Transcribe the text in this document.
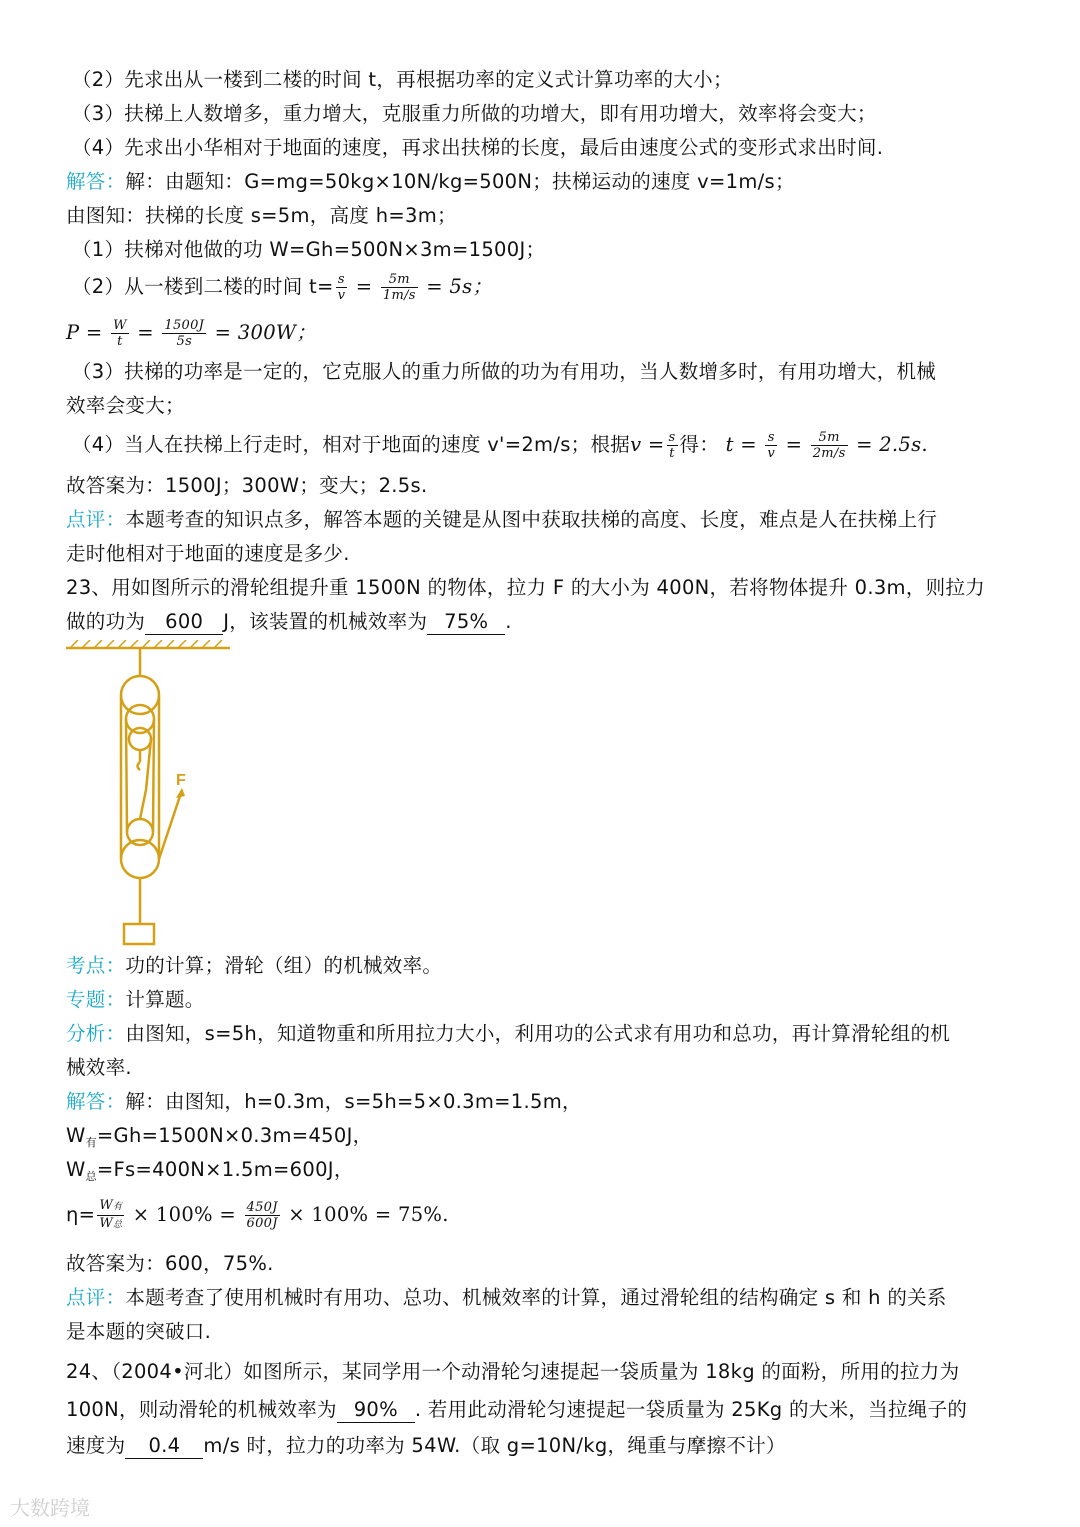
（2）先求出从一楼到二楼的时间 t，再根据功率的定义式计算功率的大小；
（3）扶梯上人数增多，重力增大，克服重力所做的功增大，即有用功增大，效率将会变大；
（4）先求出小华相对于地面的速度，再求出扶梯的长度，最后由速度公式的变形式求出时间.
解答：解：由题知：G=mg=50kg×10N/kg=500N；扶梯运动的速度 v=1m/s；
由图知：扶梯的长度 s=5m，高度 h=3m；
（1）扶梯对他做的功 W=Gh=500N×3m=1500J；
（2）从一楼到二楼的时间 $t= \frac{s}{v} = \frac{5m}{1m/s} = 5s$；
$P = \frac{W}{t} = \frac{1500J}{5s} = 300W$；
（3）扶梯的功率是一定的，它克服人的重力所做的功为有用功，当人数增多时，有用功增大，机械
效率会变大；
（4）当人在扶梯上行走时，相对于地面的速度 v'=2m/s；根据$v = \frac{s}{t}$ 得： $t = \frac{s}{v} = \frac{5m}{2m/s} = 2.5s$.
故答案为：1500J；300W；变大；2.5s.
点评：本题考查的知识点多，解答本题的关键是从图中获取扶梯的高度、长度，难点是人在扶梯上行
走时他相对于地面的速度是多少.
23、用如图所示的滑轮组提升重 1500N 的物体，拉力 F 的大小为 400N，若将物体提升 0.3m，则拉力
做的功为 600 J，该装置的机械效率为 75% .
F
考点：功的计算；滑轮（组）的机械效率。
专题：计算题。
分析：由图知，s=5h，知道物重和所用拉力大小，利用功的公式求有用功和总功，再计算滑轮组的机
械效率.
解答：解：由图知，h=0.3m，s=5h=5×0.3m=1.5m，
$W_有=Gh=1500N\times 0.3m=450J$，
$W_总=Fs=400N\times 1.5m=600J$，
$\eta= \frac{\text{W有}}{\text{W总}} \times 100\% = \frac{450J}{600J} \times 100\% = 75\%$.
故答案为：600，75%.
点评：本题考查了使用机械时有用功、总功、机械效率的计算，通过滑轮组的结构确定 s 和 h 的关系
是本题的突破口.
24、（2004•河北）如图所示，某同学用一个动滑轮匀速提起一袋质量为 18kg 的面粉，所用的拉力为
100N，则动滑轮的机械效率为 90% . 若用此动滑轮匀速提起一袋质量为 25Kg 的大米，当拉绳子的
速度为 0.4 m/s 时，拉力的功率为 54W.（取 g=10N/kg，绳重与摩擦不计）
大数跨境
